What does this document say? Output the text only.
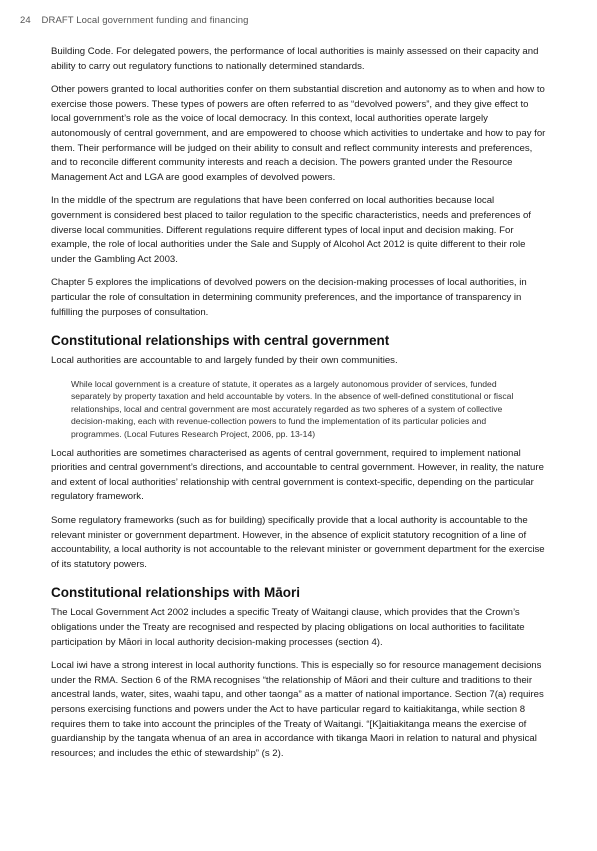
24 DRAFT Local government funding and financing

Building Code. For delegated powers, the performance of local authorities is mainly assessed on their capacity and ability to carry out regulatory functions to nationally determined standards.

Other powers granted to local authorities confer on them substantial discretion and autonomy as to when and how to exercise those powers. These types of powers are often referred to as “devolved powers”, and they give effect to local government’s role as the voice of local democracy. In this context, local authorities operate largely autonomously of central government, and are empowered to choose which activities to undertake and how to pay for them. Their performance will be judged on their ability to consult and reflect community interests and preferences, and to reconcile different community interests and reach a decision. The powers granted under the Resource Management Act and LGA are good examples of devolved powers.

In the middle of the spectrum are regulations that have been conferred on local authorities because local government is considered best placed to tailor regulation to the specific characteristics, needs and preferences of diverse local communities. Different regulations require different types of local input and decision making. For example, the role of local authorities under the Sale and Supply of Alcohol Act 2012 is quite different to their role under the Gambling Act 2003.

Chapter 5 explores the implications of devolved powers on the decision-making processes of local authorities, in particular the role of consultation in determining community preferences, and the importance of transparency in fulfilling the purposes of consultation.

Constitutional relationships with central government

Local authorities are accountable to and largely funded by their own communities.

While local government is a creature of statute, it operates as a largely autonomous provider of services, funded separately by property taxation and held accountable by voters. In the absence of well-defined constitutional or fiscal relationships, local and central government are most accurately regarded as two spheres of a system of collective decision-making, each with revenue-collection powers to fund the implementation of its particular policies and programmes. (Local Futures Research Project, 2006, pp. 13-14)

Local authorities are sometimes characterised as agents of central government, required to implement national priorities and central government’s directions, and accountable to central government. However, in reality, the nature and extent of local authorities’ relationship with central government is context-specific, depending on the particular regulatory framework.

Some regulatory frameworks (such as for building) specifically provide that a local authority is accountable to the relevant minister or government department. However, in the absence of explicit statutory recognition of a line of accountability, a local authority is not accountable to the relevant minister or government department for the exercise of its statutory powers.

Constitutional relationships with Māori

The Local Government Act 2002 includes a specific Treaty of Waitangi clause, which provides that the Crown’s obligations under the Treaty are recognised and respected by placing obligations on local authorities to facilitate participation by Māori in local authority decision-making processes (section 4).

Local iwi have a strong interest in local authority functions. This is especially so for resource management decisions under the RMA. Section 6 of the RMA recognises “the relationship of Māori and their culture and traditions to their ancestral lands, water, sites, waahi tapu, and other taonga” as a matter of national importance. Section 7(a) requires persons exercising functions and powers under the Act to have particular regard to kaitiakitanga, while section 8 requires them to take into account the principles of the Treaty of Waitangi. “[K]aitiakitanga means the exercise of guardianship by the tangata whenua of an area in accordance with tikanga Maori in relation to natural and physical resources; and includes the ethic of stewardship” (s 2).
